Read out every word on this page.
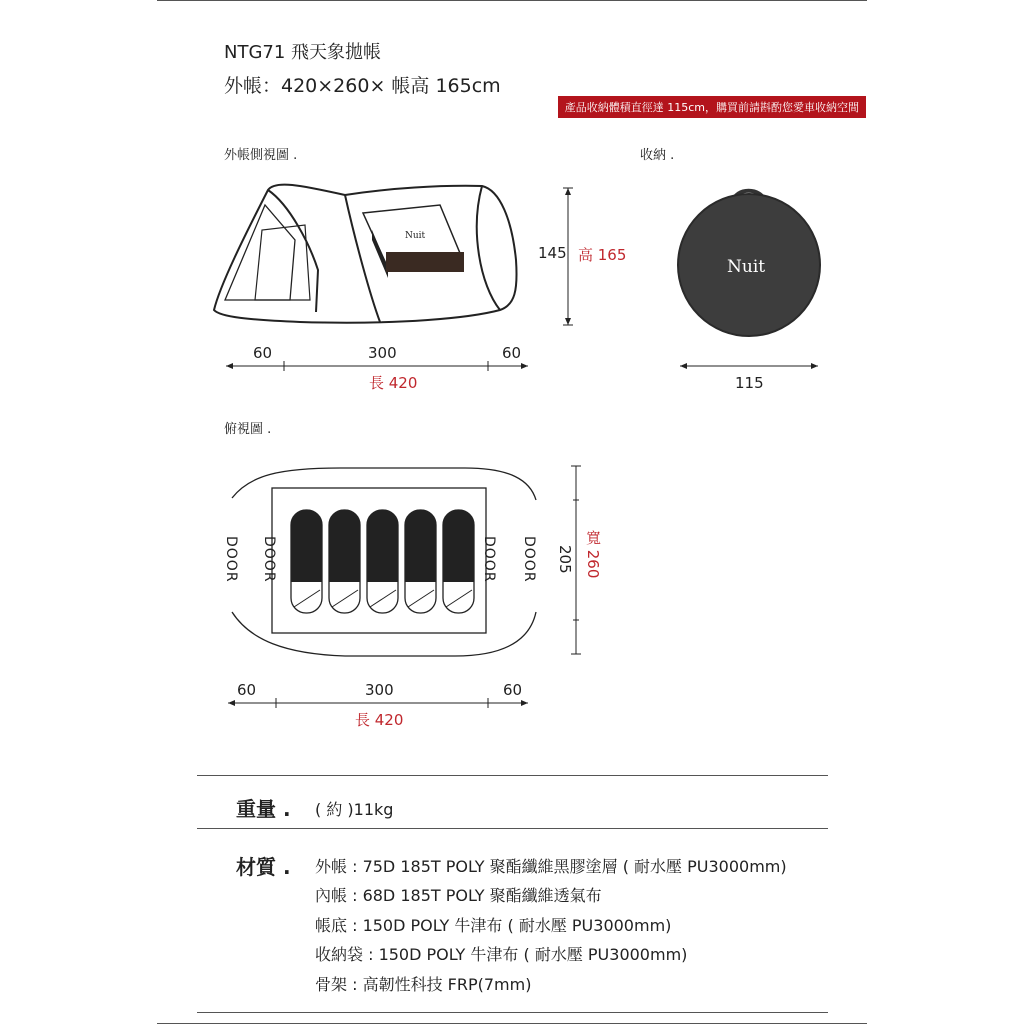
NTG71 飛天象拋帳
外帳：420×260× 帳高 165cm
產品收納體積直徑達 115cm，購買前請斟酌您愛車收納空間
外帳側視圖 .	收納 .
俯視圖 .
Nuit
Nuit
60	300	60
長 420
145 高 165
115
DOOR DOOR	DOOR DOOR 205 寬 260
60	300	60
長 420
重量 . ( 約 )11kg
材質 . 外帳 : 75D 185T POLY 聚酯纖維黑膠塗層 ( 耐水壓 PU3000mm)
內帳 : 68D 185T POLY 聚酯纖維透氣布
帳底 : 150D POLY 牛津布 ( 耐水壓 PU3000mm)
收納袋 : 150D POLY 牛津布 ( 耐水壓 PU3000mm)
骨架 : 高韌性科技 FRP(7mm)
